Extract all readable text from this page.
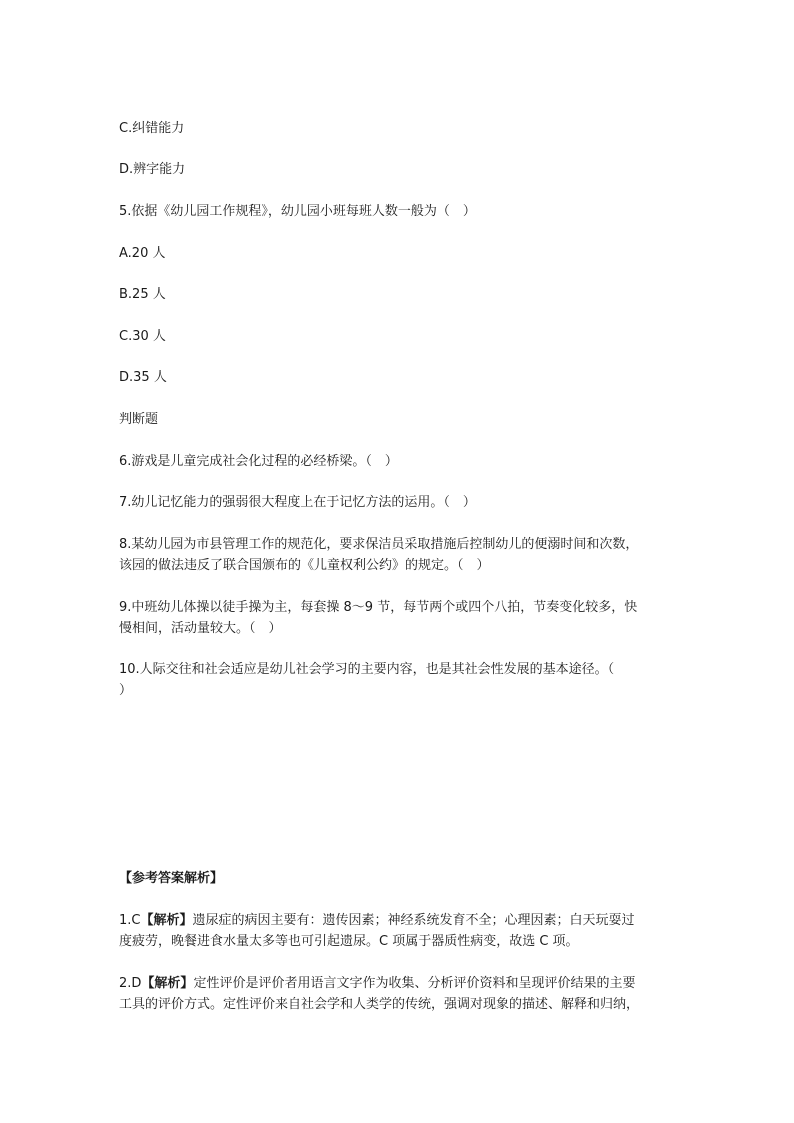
C.纠错能力
D.辨字能力
5.依据《幼儿园工作规程》，幼儿园小班每班人数一般为（　）
A.20 人
B.25 人
C.30 人
D.35 人
判断题
6.游戏是儿童完成社会化过程的必经桥梁。（　）
7.幼儿记忆能力的强弱很大程度上在于记忆方法的运用。（　）
8.某幼儿园为市县管理工作的规范化，要求保洁员采取措施后控制幼儿的便溺时间和次数，
该园的做法违反了联合国颁布的《儿童权利公约》的规定。（　）
9.中班幼儿体操以徒手操为主，每套操 8～9 节，每节两个或四个八拍，节奏变化较多，快
慢相间，活动量较大。（　）
10.人际交往和社会适应是幼儿社会学习的主要内容，也是其社会性发展的基本途径。（
）
【参考答案解析】
1.C【解析】遗尿症的病因主要有：遗传因素；神经系统发育不全；心理因素；白天玩耍过
度疲劳，晚餐进食水量太多等也可引起遗尿。C 项属于器质性病变，故选 C 项。
2.D【解析】定性评价是评价者用语言文字作为收集、分析评价资料和呈现评价结果的主要
工具的评价方式。定性评价来自社会学和人类学的传统，强调对现象的描述、解释和归纳，
